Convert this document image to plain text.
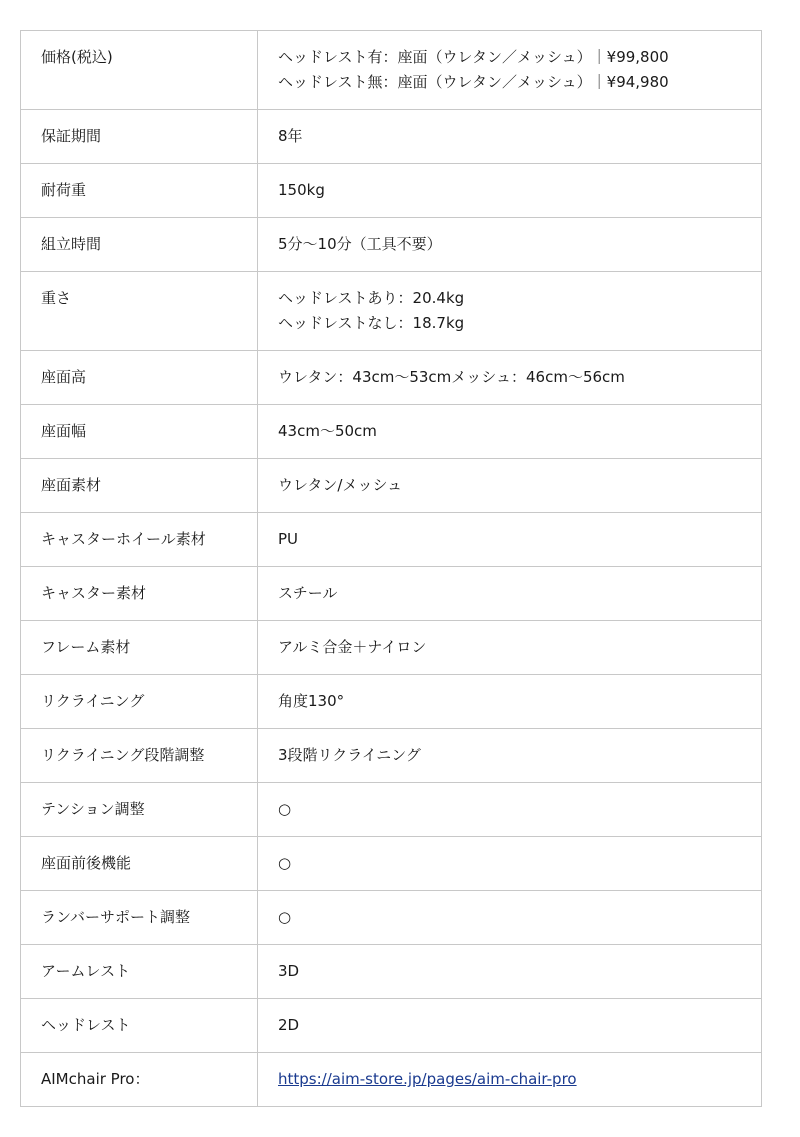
価格(税込)	ヘッドレスト有：座面（ウレタン／メッシュ）｜¥99,800
ヘッドレスト無：座面（ウレタン／メッシュ）｜¥94,980

保証期間	8年

耐荷重	150kg

組立時間	5分〜10分（工具不要）

重さ	ヘッドレストあり：20.4kg
ヘッドレストなし：18.7kg

座面高	ウレタン：43cm〜53cmメッシュ：46cm〜56cm

座面幅	43cm〜50cm

座面素材	ウレタン/メッシュ

キャスターホイール素材	PU

キャスター素材	スチール

フレーム素材	アルミ合金＋ナイロン

リクライニング	角度130°

リクライニング段階調整	3段階リクライニング

テンション調整	○

座面前後機能	○

ランバーサポート調整	○

アームレスト	3D

ヘッドレスト	2D

AIMchair Pro：	https://aim-store.jp/pages/aim-chair-pro
